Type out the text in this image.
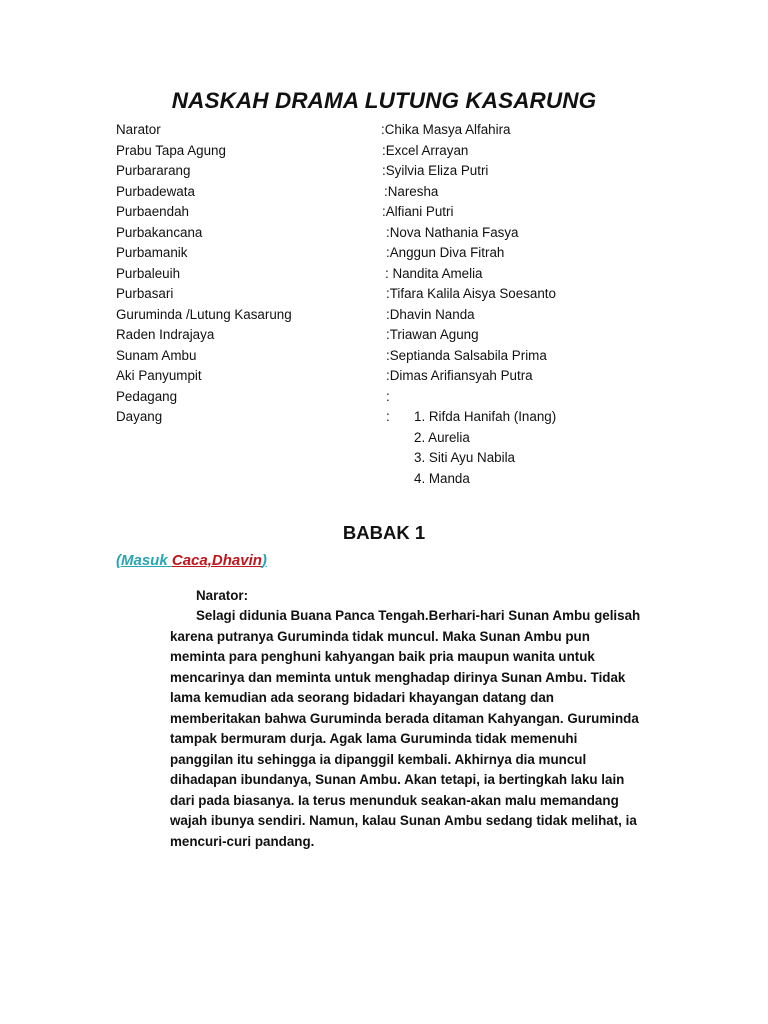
NASKAH DRAMA LUTUNG KASARUNG
Narator	:Chika Masya Alfahira
Prabu Tapa Agung	:Excel Arrayan
Purbararang	:Syilvia Eliza Putri
Purbadewata	:Naresha
Purbaendah	:Alfiani Putri
Purbakancana	:Nova Nathania Fasya
Purbamanik	:Anggun Diva Fitrah
Purbaleuih	: Nandita Amelia
Purbasari	:Tifara Kalila Aisya Soesanto
Guruminda /Lutung Kasarung	:Dhavin Nanda
Raden Indrajaya	:Triawan Agung
Sunam Ambu	:Septianda Salsabila Prima
Aki Panyumpit	:Dimas Arifiansyah Putra
Pedagang	:
Dayang	: 1. Rifda Hanifah (Inang)
2. Aurelia
3. Siti Ayu Nabila
4. Manda
BABAK 1
(Masuk Caca,Dhavin)
Narator:
Selagi didunia Buana Panca Tengah.Berhari-hari Sunan Ambu gelisah
karena putranya Guruminda tidak muncul. Maka Sunan Ambu pun
meminta para penghuni kahyangan baik pria maupun wanita untuk
mencarinya dan meminta untuk menghadap dirinya Sunan Ambu. Tidak
lama kemudian ada seorang bidadari khayangan datang dan
memberitakan bahwa Guruminda berada ditaman Kahyangan. Guruminda
tampak bermuram durja. Agak lama Guruminda tidak memenuhi
panggilan itu sehingga ia dipanggil kembali. Akhirnya dia muncul
dihadapan ibundanya, Sunan Ambu. Akan tetapi, ia bertingkah laku lain
dari pada biasanya. Ia terus menunduk seakan-akan malu memandang
wajah ibunya sendiri. Namun, kalau Sunan Ambu sedang tidak melihat, ia
mencuri-curi pandang.
